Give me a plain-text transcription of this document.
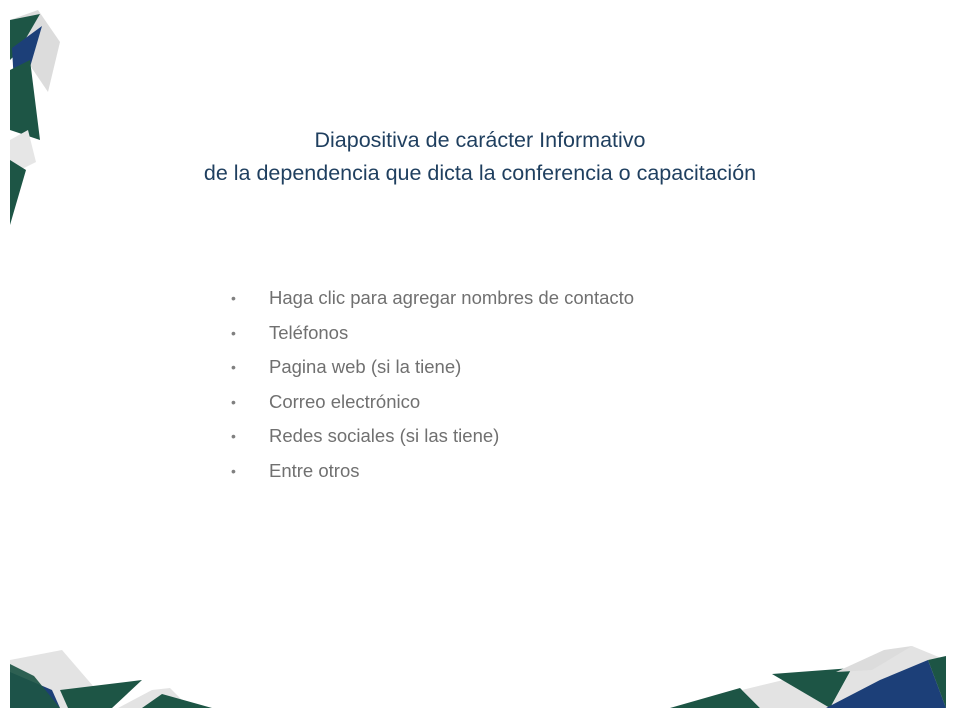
Diapositiva de carácter Informativo
de la dependencia que dicta la conferencia o capacitación
•	Haga clic para agregar nombres de contacto
•	Teléfonos
•	Pagina web (si la tiene)
•	Correo electrónico
•	Redes sociales (si las tiene)
•	Entre otros
